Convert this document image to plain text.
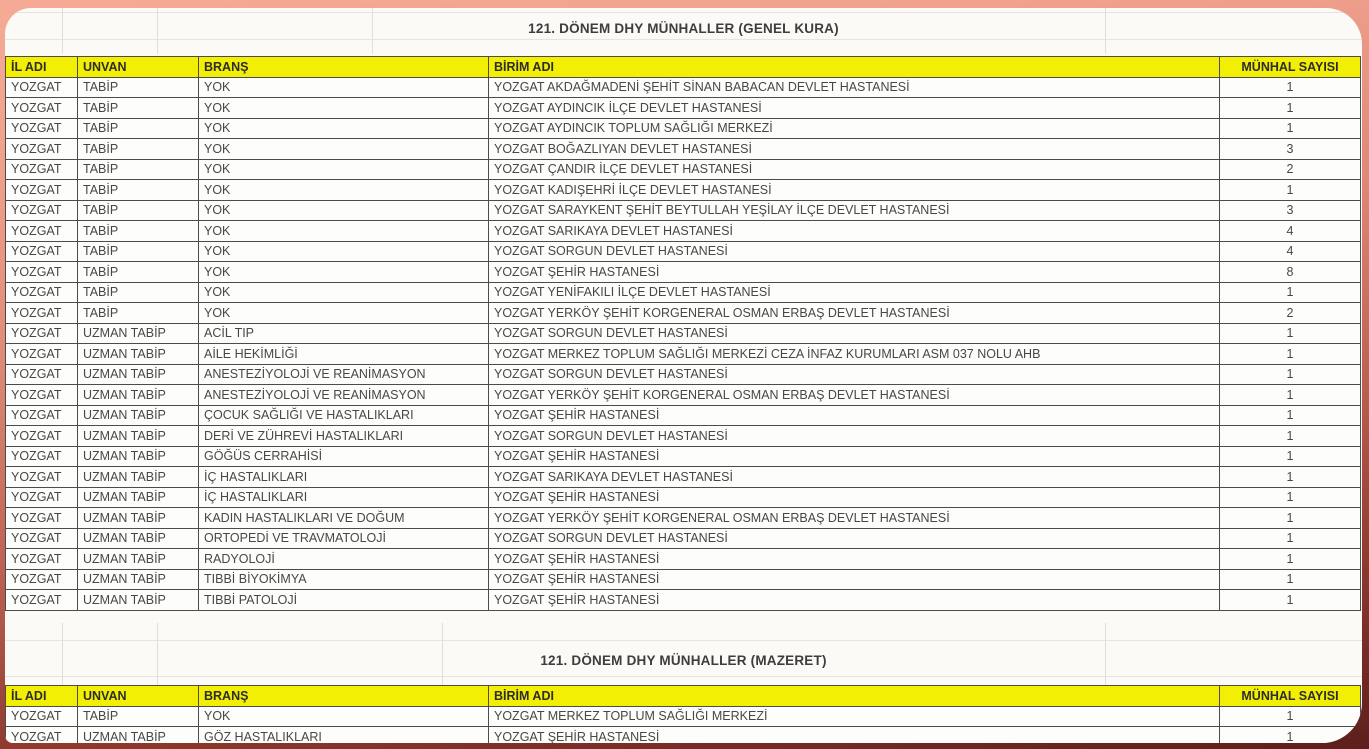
121. DÖNEM DHY MÜNHALLER (GENEL KURA)
İL ADI	UNVAN	BRANŞ	BİRİM ADI	MÜNHAL SAYISI
YOZGAT	TABİP	YOK	YOZGAT AKDAĞMADENİ ŞEHİT SİNAN BABACAN DEVLET HASTANESİ	1
YOZGAT	TABİP	YOK	YOZGAT AYDINCIK İLÇE DEVLET HASTANESİ	1
YOZGAT	TABİP	YOK	YOZGAT AYDINCIK TOPLUM SAĞLIĞI MERKEZİ	1
YOZGAT	TABİP	YOK	YOZGAT BOĞAZLIYAN DEVLET HASTANESİ	3
YOZGAT	TABİP	YOK	YOZGAT ÇANDIR İLÇE DEVLET HASTANESİ	2
YOZGAT	TABİP	YOK	YOZGAT KADIŞEHRİ İLÇE DEVLET HASTANESİ	1
YOZGAT	TABİP	YOK	YOZGAT SARAYKENT ŞEHİT BEYTULLAH YEŞİLAY İLÇE DEVLET HASTANESİ	3
YOZGAT	TABİP	YOK	YOZGAT SARIKAYA DEVLET HASTANESİ	4
YOZGAT	TABİP	YOK	YOZGAT SORGUN DEVLET HASTANESİ	4
YOZGAT	TABİP	YOK	YOZGAT ŞEHİR HASTANESİ	8
YOZGAT	TABİP	YOK	YOZGAT YENİFAKILI İLÇE DEVLET HASTANESİ	1
YOZGAT	TABİP	YOK	YOZGAT YERKÖY ŞEHİT KORGENERAL OSMAN ERBAŞ DEVLET HASTANESİ	2
YOZGAT	UZMAN TABİP	ACİL TIP	YOZGAT SORGUN DEVLET HASTANESİ	1
YOZGAT	UZMAN TABİP	AİLE HEKİMLİĞİ	YOZGAT MERKEZ TOPLUM SAĞLIĞI MERKEZİ CEZA İNFAZ KURUMLARI ASM 037 NOLU AHB	1
YOZGAT	UZMAN TABİP	ANESTEZİYOLOJİ VE REANİMASYON	YOZGAT SORGUN DEVLET HASTANESİ	1
YOZGAT	UZMAN TABİP	ANESTEZİYOLOJİ VE REANİMASYON	YOZGAT YERKÖY ŞEHİT KORGENERAL OSMAN ERBAŞ DEVLET HASTANESİ	1
YOZGAT	UZMAN TABİP	ÇOCUK SAĞLIĞI VE HASTALIKLARI	YOZGAT ŞEHİR HASTANESİ	1
YOZGAT	UZMAN TABİP	DERİ VE ZÜHREVİ HASTALIKLARI	YOZGAT SORGUN DEVLET HASTANESİ	1
YOZGAT	UZMAN TABİP	GÖĞÜS CERRAHİSİ	YOZGAT ŞEHİR HASTANESİ	1
YOZGAT	UZMAN TABİP	İÇ HASTALIKLARI	YOZGAT SARIKAYA DEVLET HASTANESİ	1
YOZGAT	UZMAN TABİP	İÇ HASTALIKLARI	YOZGAT ŞEHİR HASTANESİ	1
YOZGAT	UZMAN TABİP	KADIN HASTALIKLARI VE DOĞUM	YOZGAT YERKÖY ŞEHİT KORGENERAL OSMAN ERBAŞ DEVLET HASTANESİ	1
YOZGAT	UZMAN TABİP	ORTOPEDİ VE TRAVMATOLOJİ	YOZGAT SORGUN DEVLET HASTANESİ	1
YOZGAT	UZMAN TABİP	RADYOLOJİ	YOZGAT ŞEHİR HASTANESİ	1
YOZGAT	UZMAN TABİP	TIBBİ BİYOKİMYA	YOZGAT ŞEHİR HASTANESİ	1
YOZGAT	UZMAN TABİP	TIBBİ PATOLOJİ	YOZGAT ŞEHİR HASTANESİ	1
121. DÖNEM DHY MÜNHALLER (MAZERET)
İL ADI	UNVAN	BRANŞ	BİRİM ADI	MÜNHAL SAYISI
YOZGAT	TABİP	YOK	YOZGAT MERKEZ TOPLUM SAĞLIĞI MERKEZİ	1
YOZGAT	UZMAN TABİP	GÖZ HASTALIKLARI	YOZGAT ŞEHİR HASTANESİ	1
